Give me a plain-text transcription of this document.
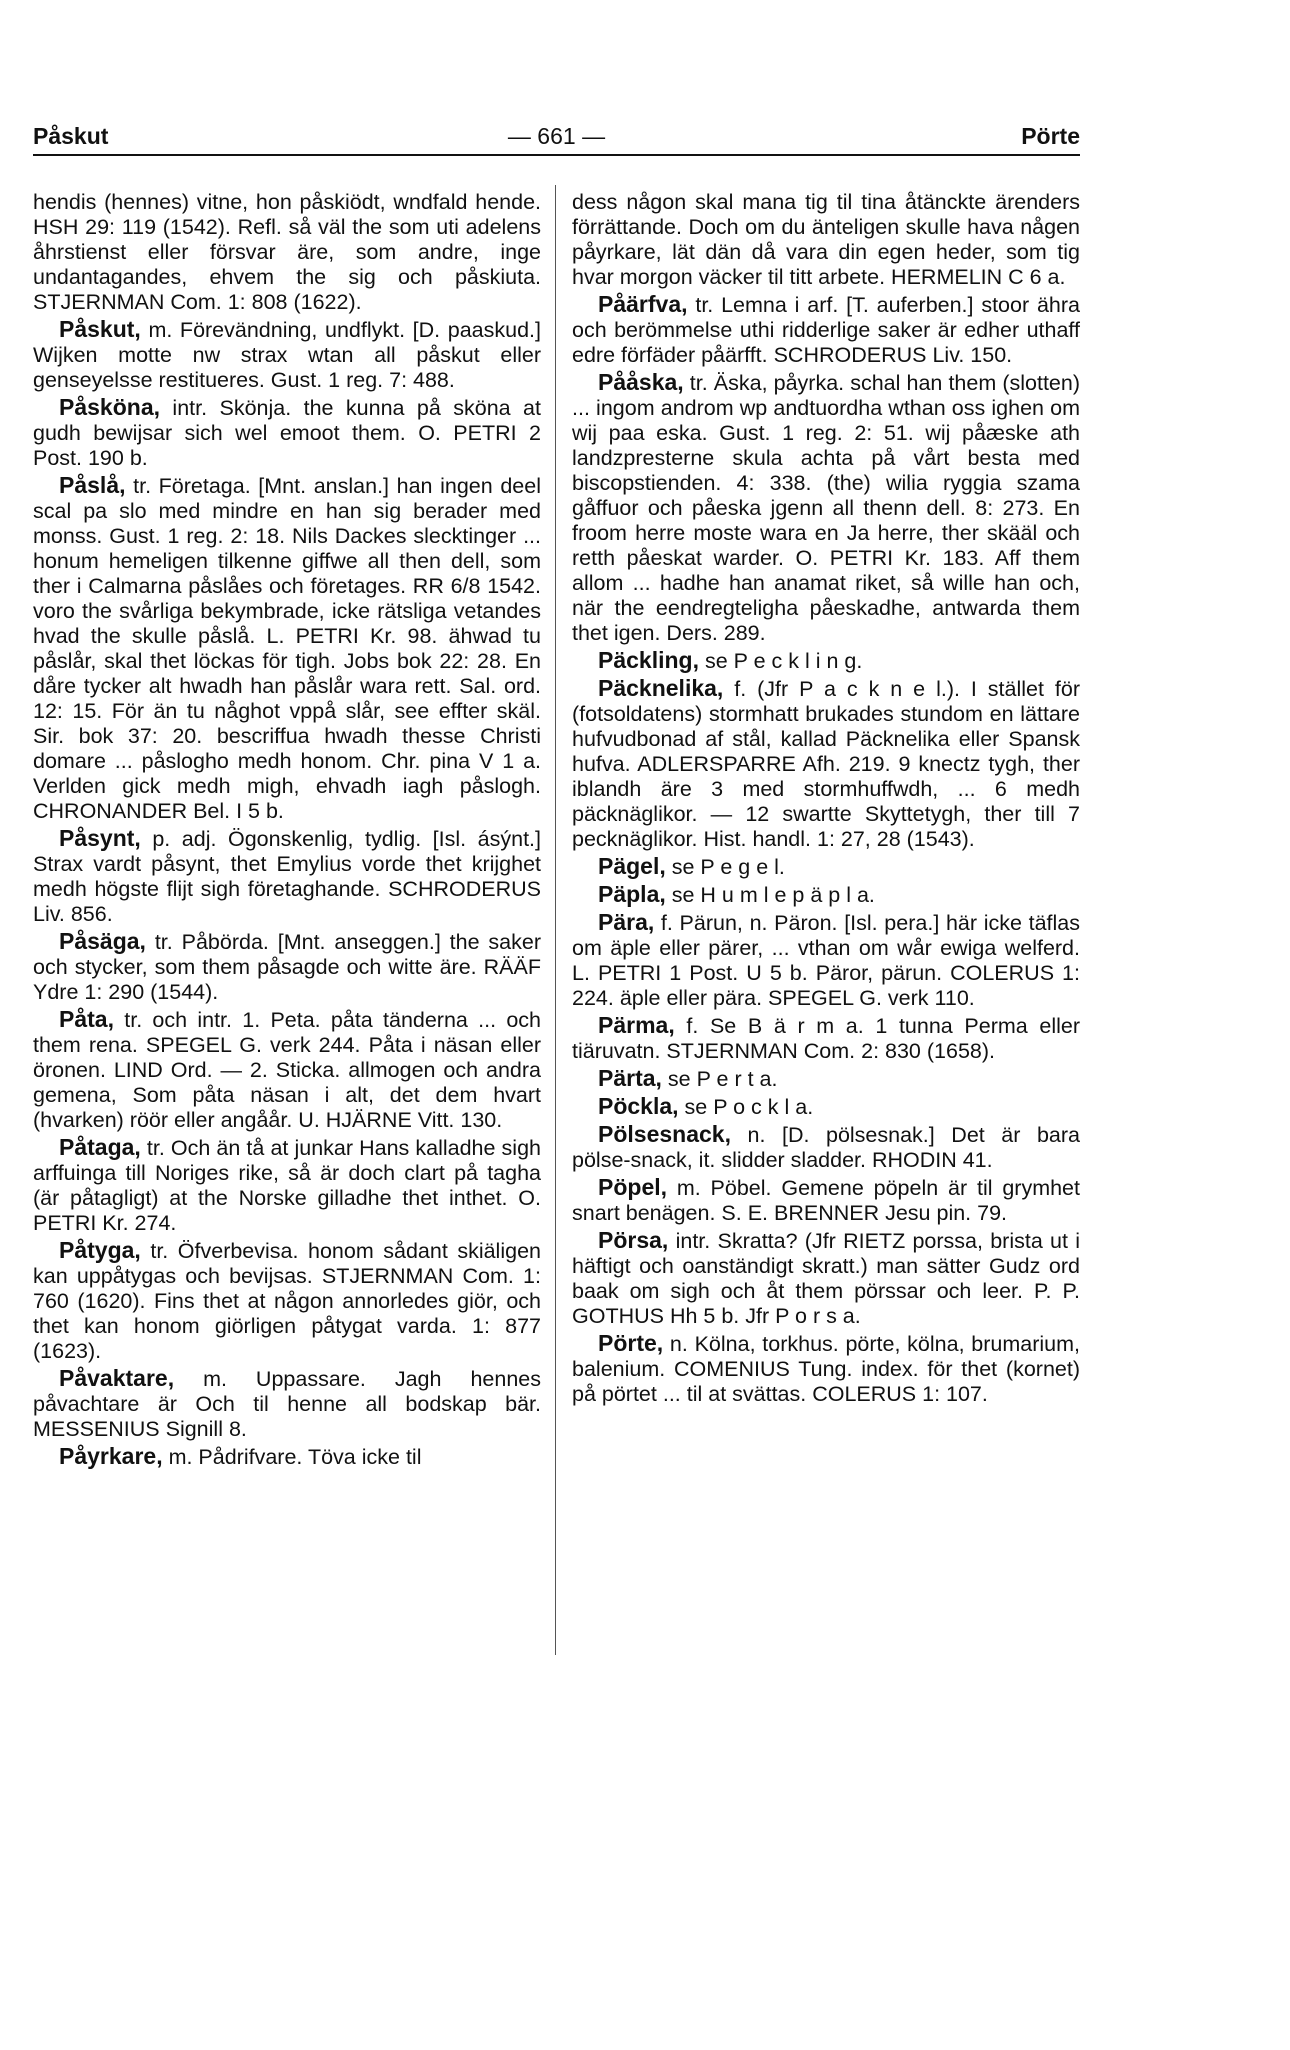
Påskut	— 661 —	Pörte

hendis (hennes) vitne, hon påskiödt, wndfald hende. HSH 29: 119 (1542). Refl. så väl the som uti adelens åhrstienst eller försvar äre, som andre, inge undantagandes, ehvem the sig och påskiuta. STJERNMAN Com. 1: 808 (1622).

Påskut, m. Förevändning, undflykt. [D. paaskud.] Wijken motte nw strax wtan all påskut eller genseyelsse restitueres. Gust. 1 reg. 7: 488.

Påsköna, intr. Skönja. the kunna på sköna at gudh bewijsar sich wel emoot them. O. PETRI 2 Post. 190 b.

Påslå, tr. Företaga. [Mnt. anslan.] han ingen deel scal pa slo med mindre en han sig berader med monss. Gust. 1 reg. 2: 18. Nils Dackes slecktinger ... honum hemeligen tilkenne giffwe all then dell, som ther i Calmarna påslåes och företages. RR 6/8 1542. voro the svårliga bekymbrade, icke rätsliga vetandes hvad the skulle påslå. L. PETRI Kr. 98. ähwad tu påslår, skal thet löckas för tigh. Jobs bok 22: 28. En dåre tycker alt hwadh han påslår wara rett. Sal. ord. 12: 15. För än tu någhot vppå slår, see effter skäl. Sir. bok 37: 20. bescriffua hwadh thesse Christi domare ... påslogho medh honom. Chr. pina V 1 a. Verlden gick medh migh, ehvadh iagh påslogh. CHRONANDER Bel. I 5 b.

Påsynt, p. adj. Ögonskenlig, tydlig. [Isl. ásýnt.] Strax vardt påsynt, thet Emylius vorde thet krijghet medh högste flijt sigh företaghande. SCHRODERUS Liv. 856.

Påsäga, tr. Påbörda. [Mnt. anseggen.] the saker och stycker, som them påsagde och witte äre. RÄÄF Ydre 1: 290 (1544).

Påta, tr. och intr. 1. Peta. påta tänderna ... och them rena. SPEGEL G. verk 244. Påta i näsan eller öronen. LIND Ord. — 2. Sticka. allmogen och andra gemena, Som påta näsan i alt, det dem hvart (hvarken) röör eller angåår. U. HJÄRNE Vitt. 130.

Påtaga, tr. Och än tå at junkar Hans kalladhe sigh arffuinga till Noriges rike, så är doch clart på tagha (är påtagligt) at the Norske gilladhe thet inthet. O. PETRI Kr. 274.

Påtyga, tr. Öfverbevisa. honom sådant skiäligen kan uppåtygas och bevijsas. STJERNMAN Com. 1: 760 (1620). Fins thet at någon annorledes giör, och thet kan honom giörligen påtygat varda. 1: 877 (1623).

Påvaktare, m. Uppassare. Jagh hennes påvachtare är Och til henne all bodskap bär. MESSENIUS Signill 8.

Påyrkare, m. Pådrifvare. Töva icke til

dess någon skal mana tig til tina åtänckte ärenders förrättande. Doch om du änteligen skulle hava någen påyrkare, lät dän då vara din egen heder, som tig hvar morgon väcker til titt arbete. HERMELIN C 6 a.

Påärfva, tr. Lemna i arf. [T. auferben.] stoor ähra och berömmelse uthi ridderlige saker är edher uthaff edre förfäder påärfft. SCHRODERUS Liv. 150.

Pååska, tr. Äska, påyrka. schal han them (slotten) ... ingom androm wp andtuordha wthan oss ighen om wij paa eska. Gust. 1 reg. 2: 51. wij påæske ath landzpresterne skula achta på vårt besta med biscopstienden. 4: 338. (the) wilia ryggia szama gåffuor och påeska jgenn all thenn dell. 8: 273. En froom herre moste wara en Ja herre, ther skääl och retth påeskat warder. O. PETRI Kr. 183. Aff them allom ... hadhe han anamat riket, så wille han och, när the eendregteligha påeskadhe, antwarda them thet igen. Ders. 289.

Päckling, se P e c k l i n g.

Päcknelika, f. (Jfr P a c k n e l.). I stället för (fotsoldatens) stormhatt brukades stundom en lättare hufvudbonad af stål, kallad Päcknelika eller Spansk hufva. ADLERSPARRE Afh. 219. 9 knectz tygh, ther iblandh äre 3 med stormhuffwdh, ... 6 medh päcknäglikor. — 12 swartte Skyttetygh, ther till 7 pecknäglikor. Hist. handl. 1: 27, 28 (1543).

Pägel, se P e g e l.

Päpla, se H u m l e p ä p l a.

Pära, f. Pärun, n. Päron. [Isl. pera.] här icke täflas om äple eller pärer, ... vthan om wår ewiga welferd. L. PETRI 1 Post. U 5 b. Päror, pärun. COLERUS 1: 224. äple eller pära. SPEGEL G. verk 110.

Pärma, f. Se B ä r m a. 1 tunna Perma eller tiäruvatn. STJERNMAN Com. 2: 830 (1658).

Pärta, se P e r t a.

Pöckla, se P o c k l a.

Pölsesnack, n. [D. pölsesnak.] Det är bara pölse-snack, it. slidder sladder. RHODIN 41.

Pöpel, m. Pöbel. Gemene pöpeln är til grymhet snart benägen. S. E. BRENNER Jesu pin. 79.

Pörsa, intr. Skratta? (Jfr RIETZ porssa, brista ut i häftigt och oanständigt skratt.) man sätter Gudz ord baak om sigh och åt them pörssar och leer. P. P. GOTHUS Hh 5 b. Jfr P o r s a.

Pörte, n. Kölna, torkhus. pörte, kölna, brumarium, balenium. COMENIUS Tung. index. för thet (kornet) på pörtet ... til at svättas. COLERUS 1: 107.
